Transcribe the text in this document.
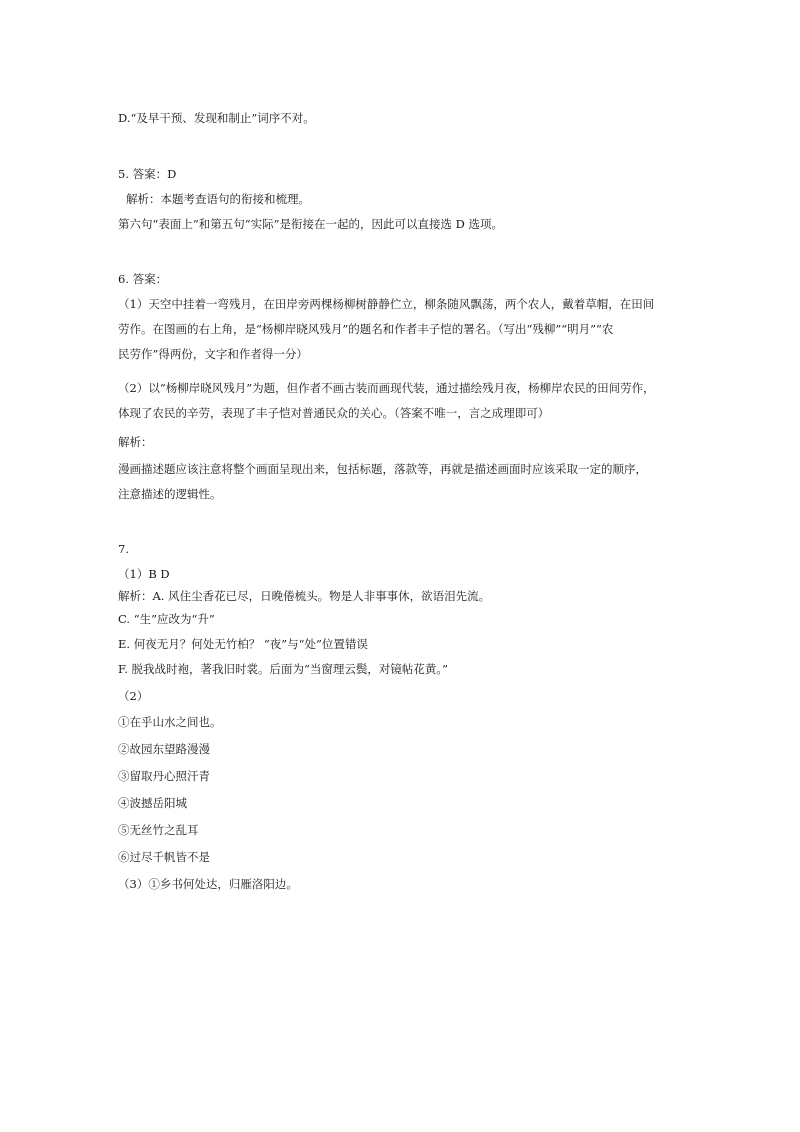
D.“及早干预、发现和制止”词序不对。
5. 答案：D
解析：本题考查语句的衔接和梳理。
第六句“表面上”和第五句“实际”是衔接在一起的，因此可以直接选 D 选项。
6. 答案：
（1）天空中挂着一弯残月，在田岸旁两棵杨柳树静静伫立，柳条随风飘荡，两个农人，戴着草帽，在田间
劳作。在图画的右上角，是“杨柳岸晓风残月”的题名和作者丰子恺的署名。（写出“残柳”“明月”“农
民劳作”得两份，文字和作者得一分）
（2）以“杨柳岸晓风残月”为题，但作者不画古装而画现代装，通过描绘残月夜，杨柳岸农民的田间劳作，
体现了农民的辛劳，表现了丰子恺对普通民众的关心。（答案不唯一，言之成理即可）
解析：
漫画描述题应该注意将整个画面呈现出来，包括标题，落款等，再就是描述画面时应该采取一定的顺序，
注意描述的逻辑性。
7.
（1）B D
解析：A. 风住尘香花已尽，日晚倦梳头。物是人非事事休，欲语泪先流。
C. “生”应改为“升”
E. 何夜无月？何处无竹柏？ “夜”与“处”位置错误
F. 脱我战时袍，著我旧时裳。后面为“当窗理云鬓，对镜帖花黄。”
（2）
①在乎山水之间也。
②故园东望路漫漫
③留取丹心照汗青
④波撼岳阳城
⑤无丝竹之乱耳
⑥过尽千帆皆不是
（3）①乡书何处达，归雁洛阳边。
